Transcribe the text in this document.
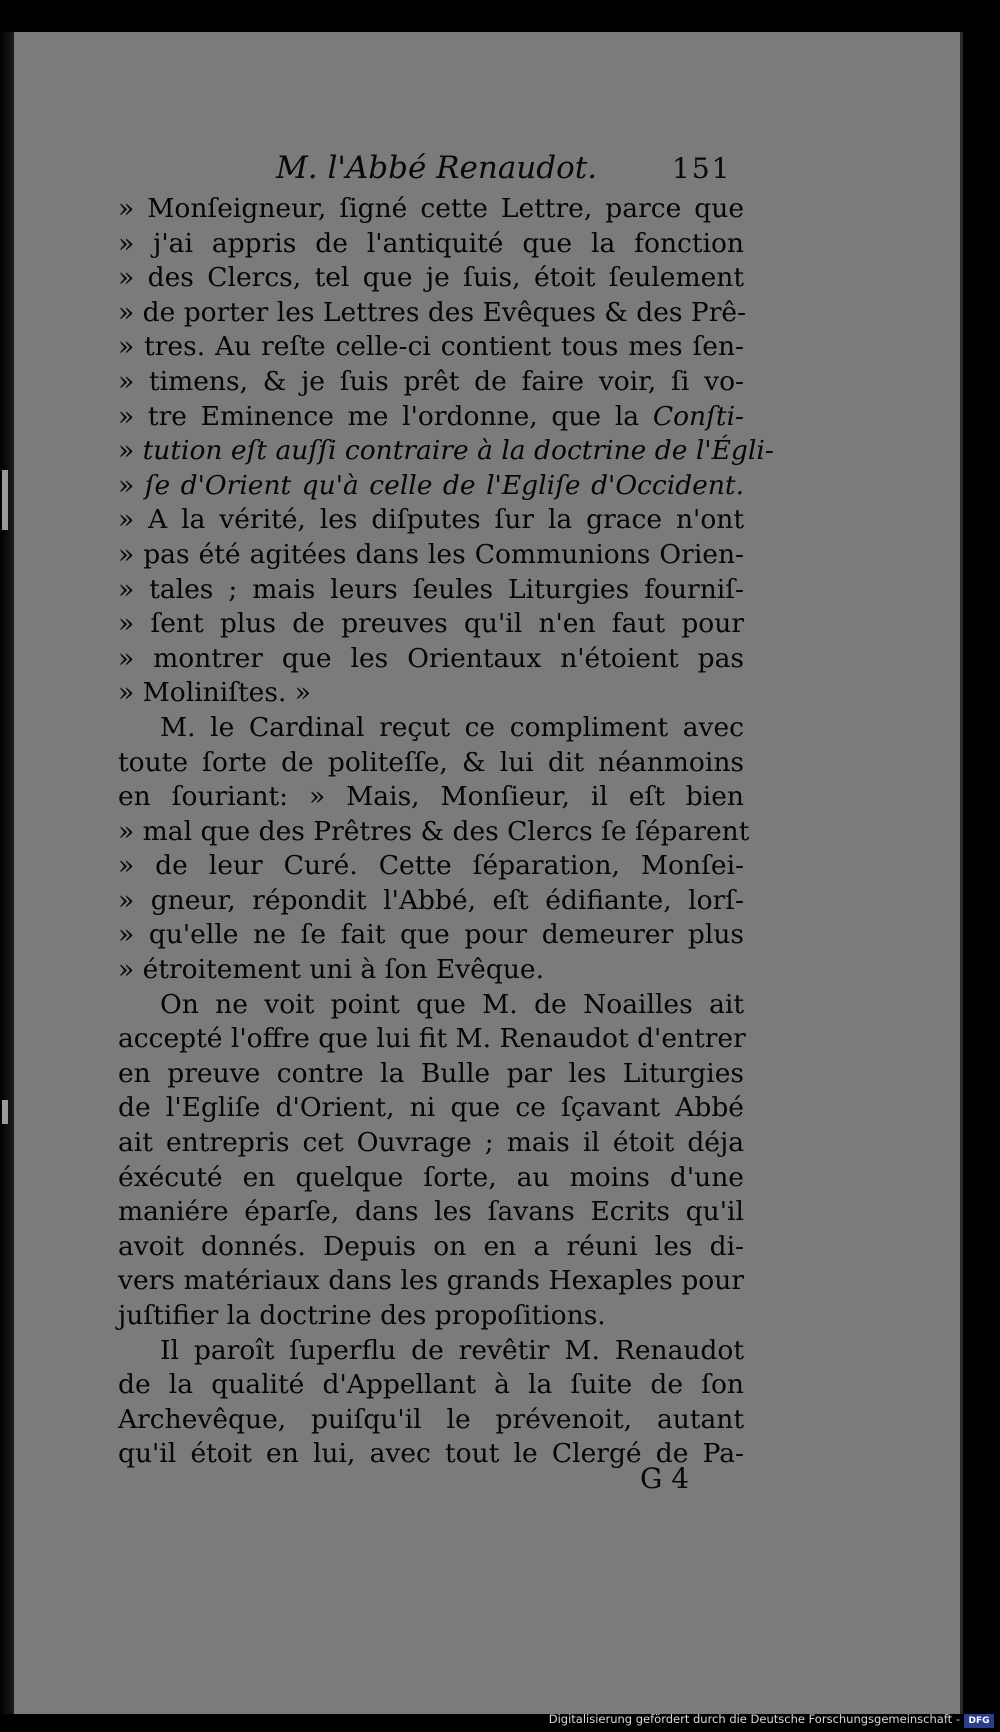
M. l'Abbé Renaudot.	151
» Monſeigneur, ſigné cette Lettre, parce que
» j'ai appris de l'antiquité que la fonction
» des Clercs, tel que je ſuis, étoit ſeulement
» de porter les Lettres des Evêques & des Prê-
» tres. Au reſte celle-ci contient tous mes ſen-
» timens, & je ſuis prêt de faire voir, ſi vo-
» tre Eminence me l'ordonne, que la Conſti-
» tution eſt auſſi contraire à la doctrine de l'Égli-
» ſe d'Orient qu'à celle de l'Egliſe d'Occident.
» A la vérité, les diſputes ſur la grace n'ont
» pas été agitées dans les Communions Orien-
» tales ; mais leurs ſeules Liturgies fourniſ-
» ſent plus de preuves qu'il n'en faut pour
» montrer que les Orientaux n'étoient pas
» Moliniſtes. »
M. le Cardinal reçut ce compliment avec
toute ſorte de politeſſe, & lui dit néanmoins
en ſouriant: » Mais, Monſieur, il eſt bien
» mal que des Prêtres & des Clercs ſe ſéparent
» de leur Curé. Cette ſéparation, Monſei-
» gneur, répondit l'Abbé, eſt édifiante, lorſ-
» qu'elle ne ſe fait que pour demeurer plus
» étroitement uni à ſon Evêque.
On ne voit point que M. de Noailles ait
accepté l'offre que lui fit M. Renaudot d'entrer
en preuve contre la Bulle par les Liturgies
de l'Egliſe d'Orient, ni que ce ſçavant Abbé
ait entrepris cet Ouvrage ; mais il étoit déja
éxécuté en quelque ſorte, au moins d'une
maniére éparſe, dans les ſavans Ecrits qu'il
avoit donnés. Depuis on en a réuni les di-
vers matériaux dans les grands Hexaples pour
juſtifier la doctrine des propoſitions.
Il paroît ſuperflu de revêtir M. Renaudot
de la qualité d'Appellant à la ſuite de ſon
Archevêque, puiſqu'il le prévenoit, autant
qu'il étoit en lui, avec tout le Clergé de Pa-
G 4
Digitalisierung gefördert durch die Deutsche Forschungsgemeinschaft - DFG
